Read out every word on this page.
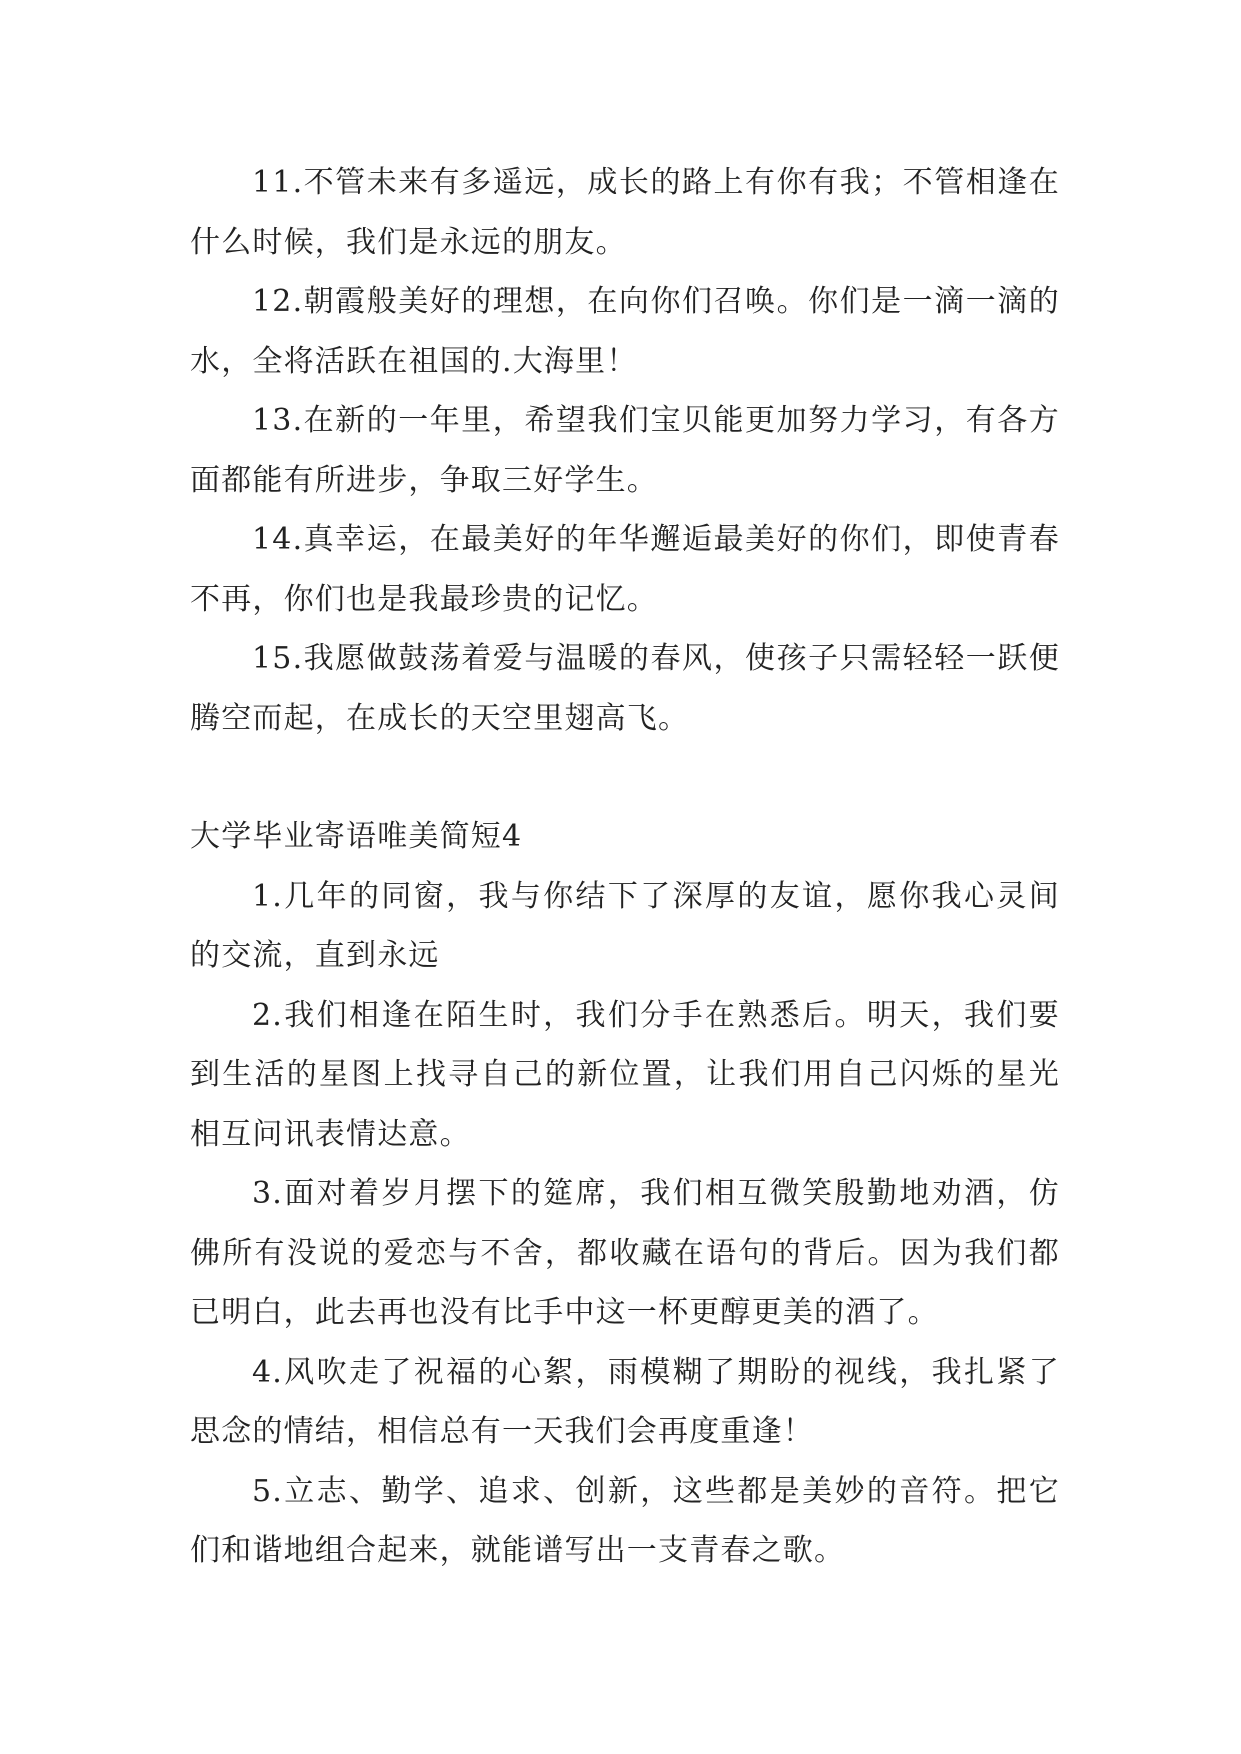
11.不管未来有多遥远，成长的路上有你有我；不管相逢在什么时候，我们是永远的朋友。

12.朝霞般美好的理想，在向你们召唤。你们是一滴一滴的水，全将活跃在祖国的.大海里！

13.在新的一年里，希望我们宝贝能更加努力学习，有各方面都能有所进步，争取三好学生。

14.真幸运，在最美好的年华邂逅最美好的你们，即使青春不再，你们也是我最珍贵的记忆。

15.我愿做鼓荡着爱与温暖的春风，使孩子只需轻轻一跃便腾空而起，在成长的天空里翅高飞。

大学毕业寄语唯美简短4

1.几年的同窗，我与你结下了深厚的友谊，愿你我心灵间的交流，直到永远

2.我们相逢在陌生时，我们分手在熟悉后。明天，我们要到生活的星图上找寻自己的新位置，让我们用自己闪烁的星光相互问讯表情达意。

3.面对着岁月摆下的筵席，我们相互微笑殷勤地劝酒，仿佛所有没说的爱恋与不舍，都收藏在语句的背后。因为我们都已明白，此去再也没有比手中这一杯更醇更美的酒了。

4.风吹走了祝福的心絮，雨模糊了期盼的视线，我扎紧了思念的情结，相信总有一天我们会再度重逢！

5.立志、勤学、追求、创新，这些都是美妙的音符。把它们和谐地组合起来，就能谱写出一支青春之歌。
